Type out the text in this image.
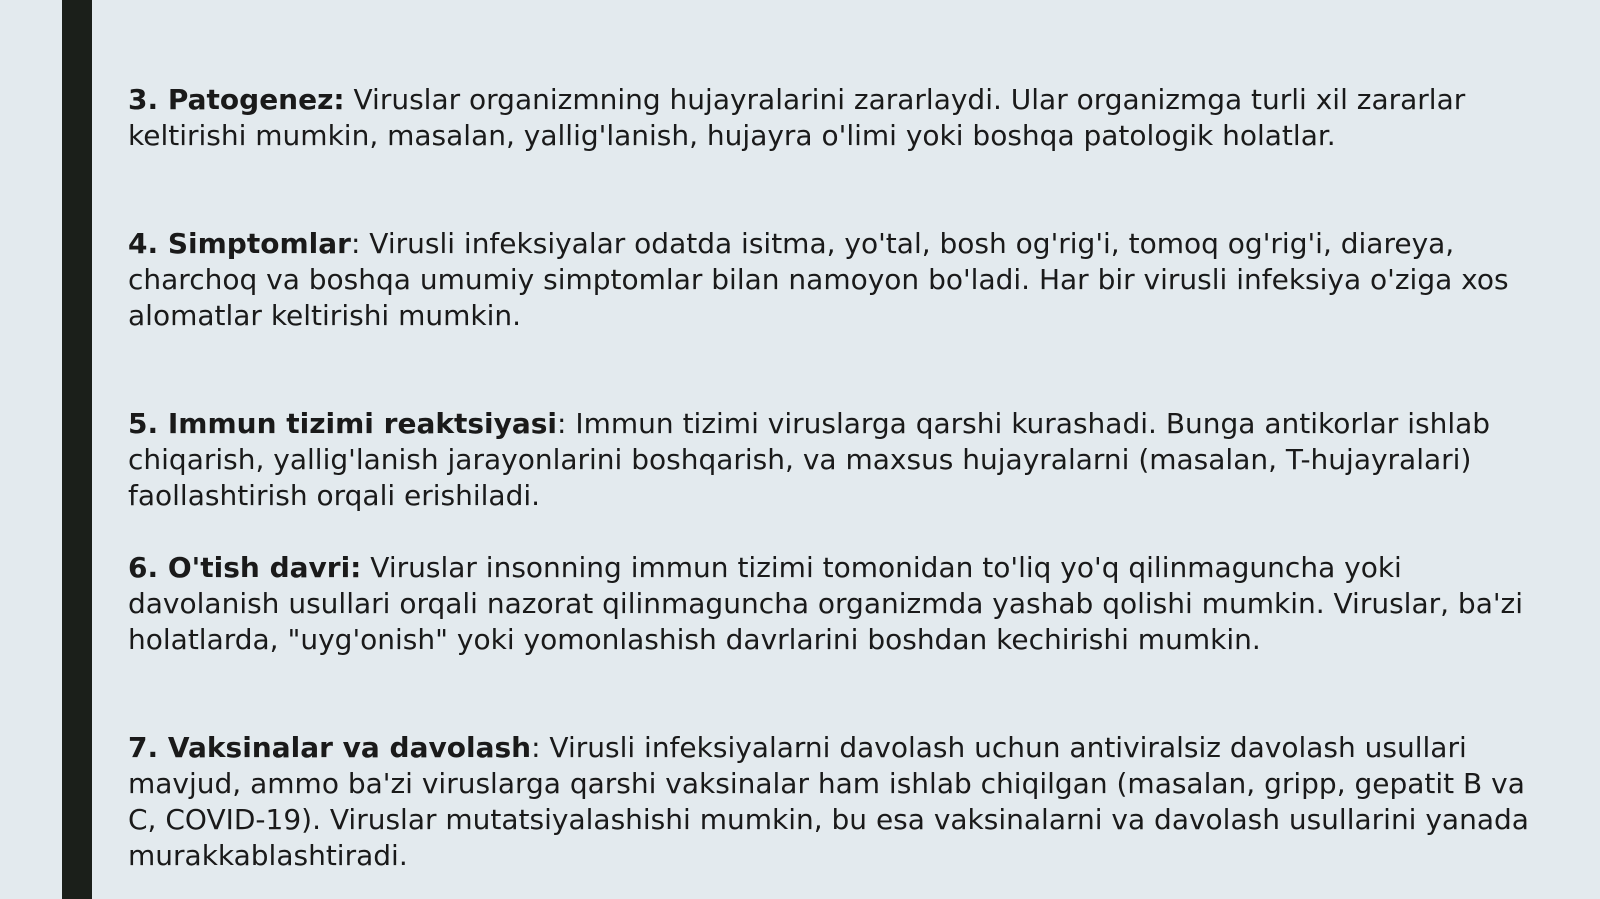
3. Patogenez: Viruslar organizmning hujayralarini zararlaydi. Ular organizmga turli xil zararlar keltirishi mumkin, masalan, yallig'lanish, hujayra o'limi yoki boshqa patologik holatlar.

4. Simptomlar: Virusli infeksiyalar odatda isitma, yo'tal, bosh og'rig'i, tomoq og'rig'i, diareya, charchoq va boshqa umumiy simptomlar bilan namoyon bo'ladi. Har bir virusli infeksiya o'ziga xos alomatlar keltirishi mumkin.

5. Immun tizimi reaktsiyasi: Immun tizimi viruslarga qarshi kurashadi. Bunga antikorlar ishlab chiqarish, yallig'lanish jarayonlarini boshqarish, va maxsus hujayralarni (masalan, T-hujayralari) faollashtirish orqali erishiladi.

6. O'tish davri: Viruslar insonning immun tizimi tomonidan to'liq yo'q qilinmaguncha yoki davolanish usullari orqali nazorat qilinmaguncha organizmda yashab qolishi mumkin. Viruslar, ba'zi holatlarda, "uyg'onish" yoki yomonlashish davrlarini boshdan kechirishi mumkin.

7. Vaksinalar va davolash: Virusli infeksiyalarni davolash uchun antiviralsiz davolash usullari mavjud, ammo ba'zi viruslarga qarshi vaksinalar ham ishlab chiqilgan (masalan, gripp, gepatit B va C, COVID-19). Viruslar mutatsiyalashishi mumkin, bu esa vaksinalarni va davolash usullarini yanada murakkablashtiradi.
